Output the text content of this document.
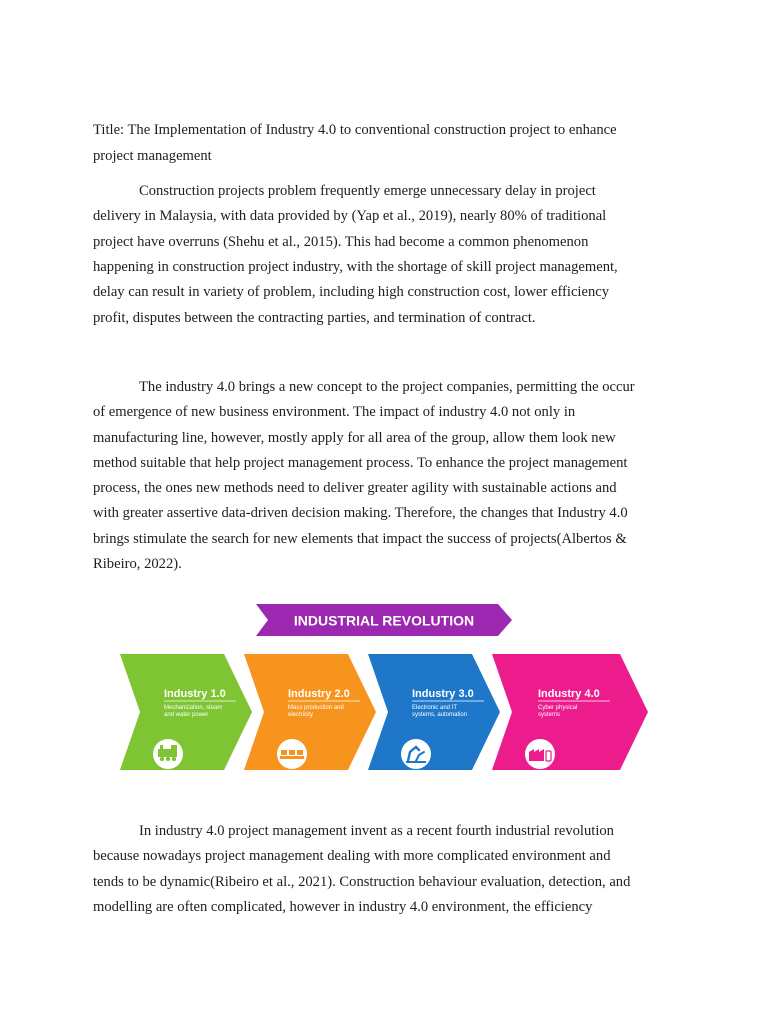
Title: The Implementation of Industry 4.0 to conventional construction project to enhance
project management
Construction projects problem frequently emerge unnecessary delay in project
delivery in Malaysia, with data provided by (Yap et al., 2019), nearly 80% of traditional
project have overruns (Shehu et al., 2015). This had become a common phenomenon
happening in construction project industry, with the shortage of skill project management,
delay can result in variety of problem, including high construction cost, lower efficiency
profit, disputes between the contracting parties, and termination of contract.
The industry 4.0 brings a new concept to the project companies, permitting the occur
of emergence of new business environment. The impact of industry 4.0 not only in
manufacturing line, however, mostly apply for all area of the group, allow them look new
method suitable that help project management process. To enhance the project management
process, the ones new methods need to deliver greater agility with sustainable actions and
with greater assertive data-driven decision making. Therefore, the changes that Industry 4.0
brings stimulate the search for new elements that impact the success of projects(Albertos &
Ribeiro, 2022).
In industry 4.0 project management invent as a recent fourth industrial revolution
because nowadays project management dealing with more complicated environment and
tends to be dynamic(Ribeiro et al., 2021). Construction behaviour evaluation, detection, and
modelling are often complicated, however in industry 4.0 environment, the efficiency
INDUSTRIAL REVOLUTION
Industry 1.0
Mechanization, steam
and water power
Industry 2.0
Mass production and
electricity
Industry 3.0
Electronic and IT
systems, automation
Industry 4.0
Cyber physical
systems
